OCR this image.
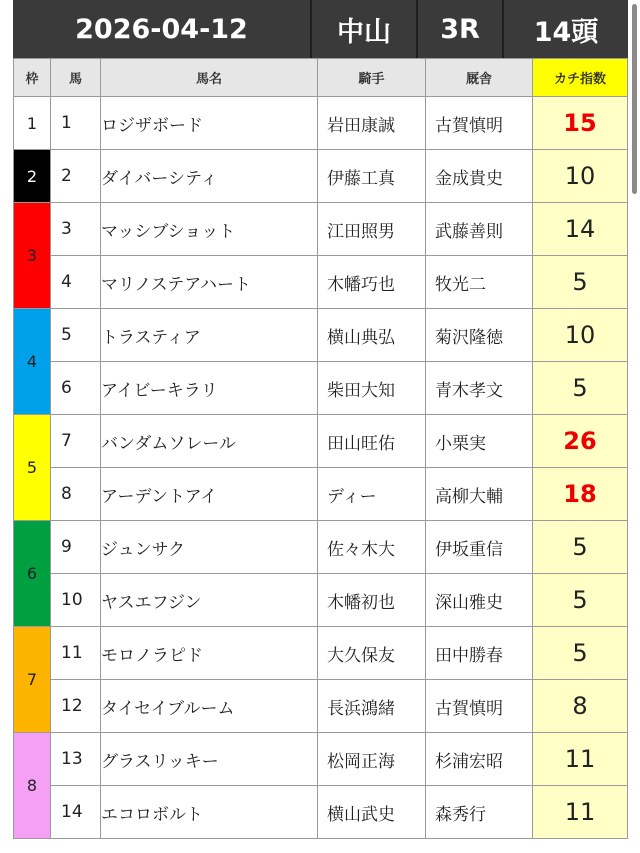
2026-04-12	中山	3R	14頭
枠	馬	馬名	騎手	厩舎	カチ指数
1	1	ロジザボード	岩田康誠	古賀慎明	15
2	2	ダイバーシティ	伊藤工真	金成貴史	10
3	3	マッシブショット	江田照男	武藤善則	14
	4	マリノステアハート	木幡巧也	牧光二	5
4	5	トラスティア	横山典弘	菊沢隆徳	10
	6	アイビーキラリ	柴田大知	青木孝文	5
5	7	バンダムソレール	田山旺佑	小栗実	26
	8	アーデントアイ	ディー	高柳大輔	18
6	9	ジュンサク	佐々木大	伊坂重信	5
	10	ヤスエフジン	木幡初也	深山雅史	5
7	11	モロノラピド	大久保友	田中勝春	5
	12	タイセイブルーム	長浜鴻緒	古賀慎明	8
8	13	グラスリッキー	松岡正海	杉浦宏昭	11
	14	エコロボルト	横山武史	森秀行	11
